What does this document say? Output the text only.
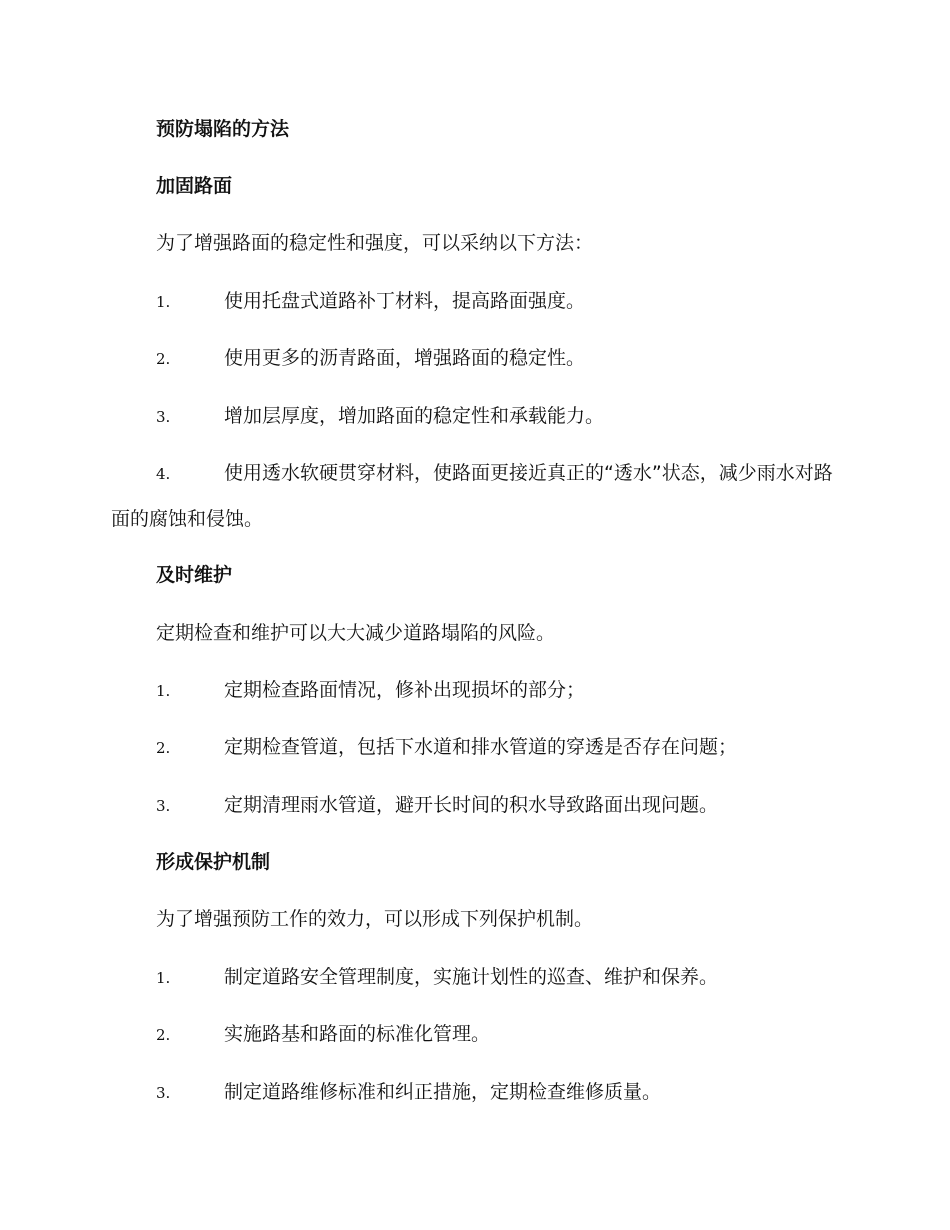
预防塌陷的方法
加固路面
为了增强路面的稳定性和强度，可以采纳以下方法：
1.	使用托盘式道路补丁材料，提高路面强度。
2.	使用更多的沥青路面，增强路面的稳定性。
3.	增加层厚度，增加路面的稳定性和承载能力。
4.	使用透水软硬贯穿材料，使路面更接近真正的“透水”状态，减少雨水对路面的腐蚀和侵蚀。
及时维护
定期检查和维护可以大大减少道路塌陷的风险。
1.	定期检查路面情况，修补出现损坏的部分；
2.	定期检查管道，包括下水道和排水管道的穿透是否存在问题；
3.	定期清理雨水管道，避开长时间的积水导致路面出现问题。
形成保护机制
为了增强预防工作的效力，可以形成下列保护机制。
1.	制定道路安全管理制度，实施计划性的巡查、维护和保养。
2.	实施路基和路面的标准化管理。
3.	制定道路维修标准和纠正措施，定期检查维修质量。
